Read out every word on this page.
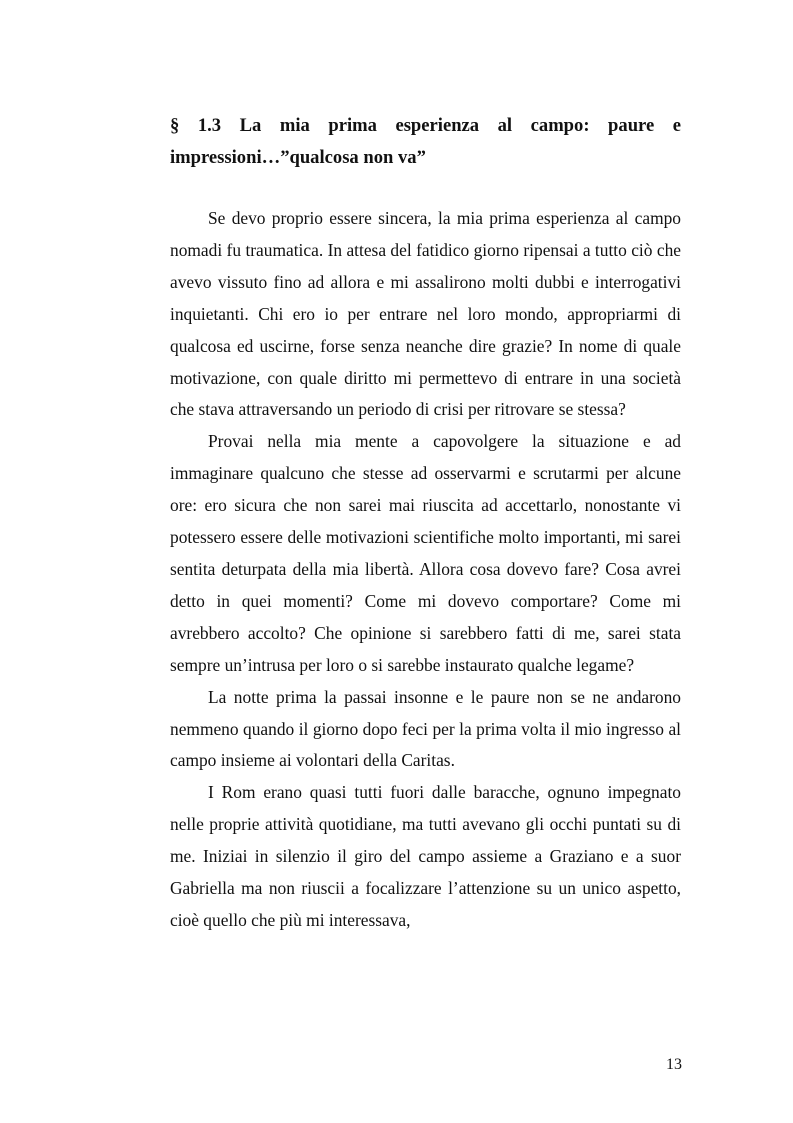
§ 1.3 La mia prima esperienza al campo: paure e
impressioni…”qualcosa non va”

Se devo proprio essere sincera, la mia prima esperienza al campo nomadi fu traumatica. In attesa del fatidico giorno ripensai a tutto ciò che avevo vissuto fino ad allora e mi assalirono molti dubbi e interrogativi inquietanti. Chi ero io per entrare nel loro mondo, appropriarmi di qualcosa ed uscirne, forse senza neanche dire grazie? In nome di quale motivazione, con quale diritto mi permettevo di entrare in una società che stava attraversando un periodo di crisi per ritrovare se stessa?

Provai nella mia mente a capovolgere la situazione e ad immaginare qualcuno che stesse ad osservarmi e scrutarmi per alcune ore: ero sicura che non sarei mai riuscita ad accettarlo, nonostante vi potessero essere delle motivazioni scientifiche molto importanti, mi sarei sentita deturpata della mia libertà. Allora cosa dovevo fare? Cosa avrei detto in quei momenti? Come mi dovevo comportare? Come mi avrebbero accolto? Che opinione si sarebbero fatti di me, sarei stata sempre un’intrusa per loro o si sarebbe instaurato qualche legame?

La notte prima la passai insonne e le paure non se ne andarono nemmeno quando il giorno dopo feci per la prima volta il mio ingresso al campo insieme ai volontari della Caritas.

I Rom erano quasi tutti fuori dalle baracche, ognuno impegnato nelle proprie attività quotidiane, ma tutti avevano gli occhi puntati su di me. Iniziai in silenzio il giro del campo assieme a Graziano e a suor Gabriella ma non riuscii a focalizzare l’attenzione su un unico aspetto, cioè quello che più mi interessava,

13
